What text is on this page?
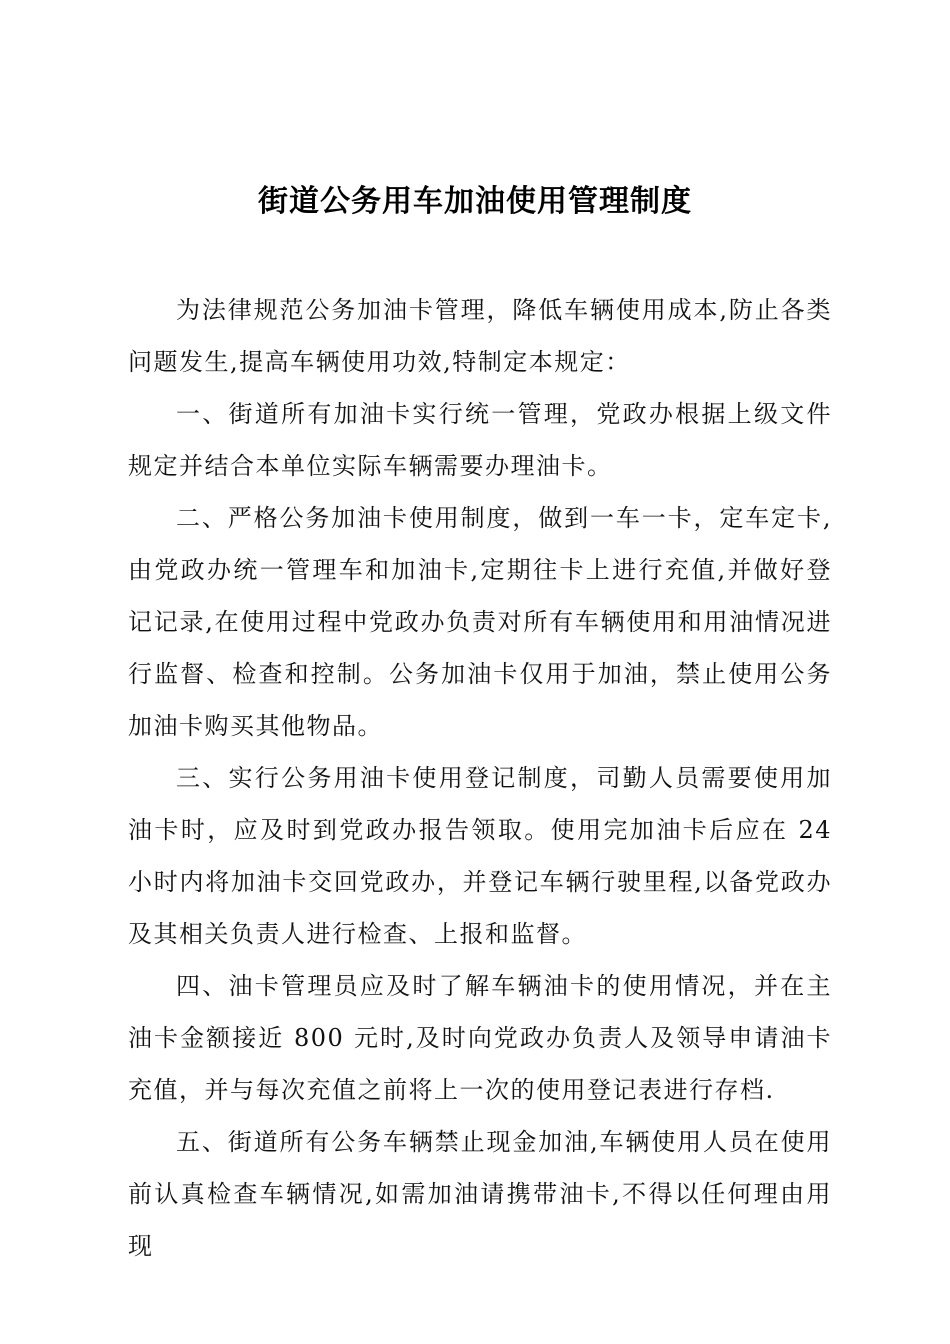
街道公务用车加油使用管理制度

为法律规范公务加油卡管理，降低车辆使用成本,防止各类问题发生,提高车辆使用功效,特制定本规定：

一、街道所有加油卡实行统一管理，党政办根据上级文件规定并结合本单位实际车辆需要办理油卡。

二、严格公务加油卡使用制度，做到一车一卡，定车定卡,由党政办统一管理车和加油卡,定期往卡上进行充值,并做好登记记录,在使用过程中党政办负责对所有车辆使用和用油情况进行监督、检查和控制。公务加油卡仅用于加油，禁止使用公务加油卡购买其他物品。

三、实行公务用油卡使用登记制度，司勤人员需要使用加油卡时，应及时到党政办报告领取。使用完加油卡后应在 24 小时内将加油卡交回党政办，并登记车辆行驶里程,以备党政办及其相关负责人进行检查、上报和监督。

四、油卡管理员应及时了解车辆油卡的使用情况，并在主油卡金额接近 800 元时,及时向党政办负责人及领导申请油卡充值，并与每次充值之前将上一次的使用登记表进行存档.

五、街道所有公务车辆禁止现金加油,车辆使用人员在使用前认真检查车辆情况,如需加油请携带油卡,不得以任何理由用现
